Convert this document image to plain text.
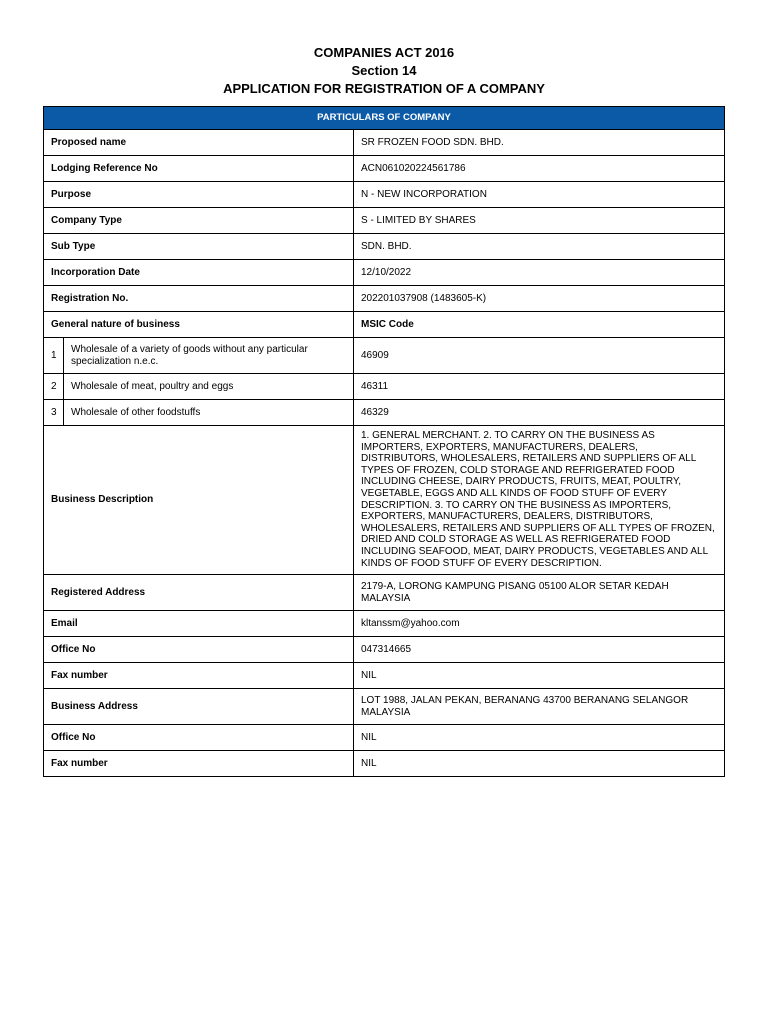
COMPANIES ACT 2016
Section 14
APPLICATION FOR REGISTRATION OF A COMPANY
PARTICULARS OF COMPANY		
Proposed name		SR FROZEN FOOD SDN. BHD.
Lodging Reference No		ACN061020224561786
Purpose		N - NEW INCORPORATION
Company Type		S - LIMITED BY SHARES
Sub Type		SDN. BHD.
Incorporation Date		12/10/2022
Registration No.		202201037908 (1483605-K)
General nature of business		MSIC Code
1	Wholesale of a variety of goods without any particular specialization n.e.c.	46909
2	Wholesale of meat, poultry and eggs	46311
3	Wholesale of other foodstuffs	46329
Business Description		1. GENERAL MERCHANT. 2. TO CARRY ON THE BUSINESS AS IMPORTERS, EXPORTERS, MANUFACTURERS, DEALERS, DISTRIBUTORS, WHOLESALERS, RETAILERS AND SUPPLIERS OF ALL TYPES OF FROZEN, COLD STORAGE AND REFRIGERATED FOOD INCLUDING CHEESE, DAIRY PRODUCTS, FRUITS, MEAT, POULTRY, VEGETABLE, EGGS AND ALL KINDS OF FOOD STUFF OF EVERY DESCRIPTION. 3. TO CARRY ON THE BUSINESS AS IMPORTERS, EXPORTERS, MANUFACTURERS, DEALERS, DISTRIBUTORS, WHOLESALERS, RETAILERS AND SUPPLIERS OF ALL TYPES OF FROZEN, DRIED AND COLD STORAGE AS WELL AS REFRIGERATED FOOD INCLUDING SEAFOOD, MEAT, DAIRY PRODUCTS, VEGETABLES AND ALL KINDS OF FOOD STUFF OF EVERY DESCRIPTION.
Registered Address		2179-A, LORONG KAMPUNG PISANG 05100 ALOR SETAR KEDAH MALAYSIA
Email		kltanssm@yahoo.com
Office No		047314665
Fax number		NIL
Business Address		LOT 1988, JALAN PEKAN, BERANANG 43700 BERANANG SELANGOR MALAYSIA
Office No		NIL
Fax number		NIL
